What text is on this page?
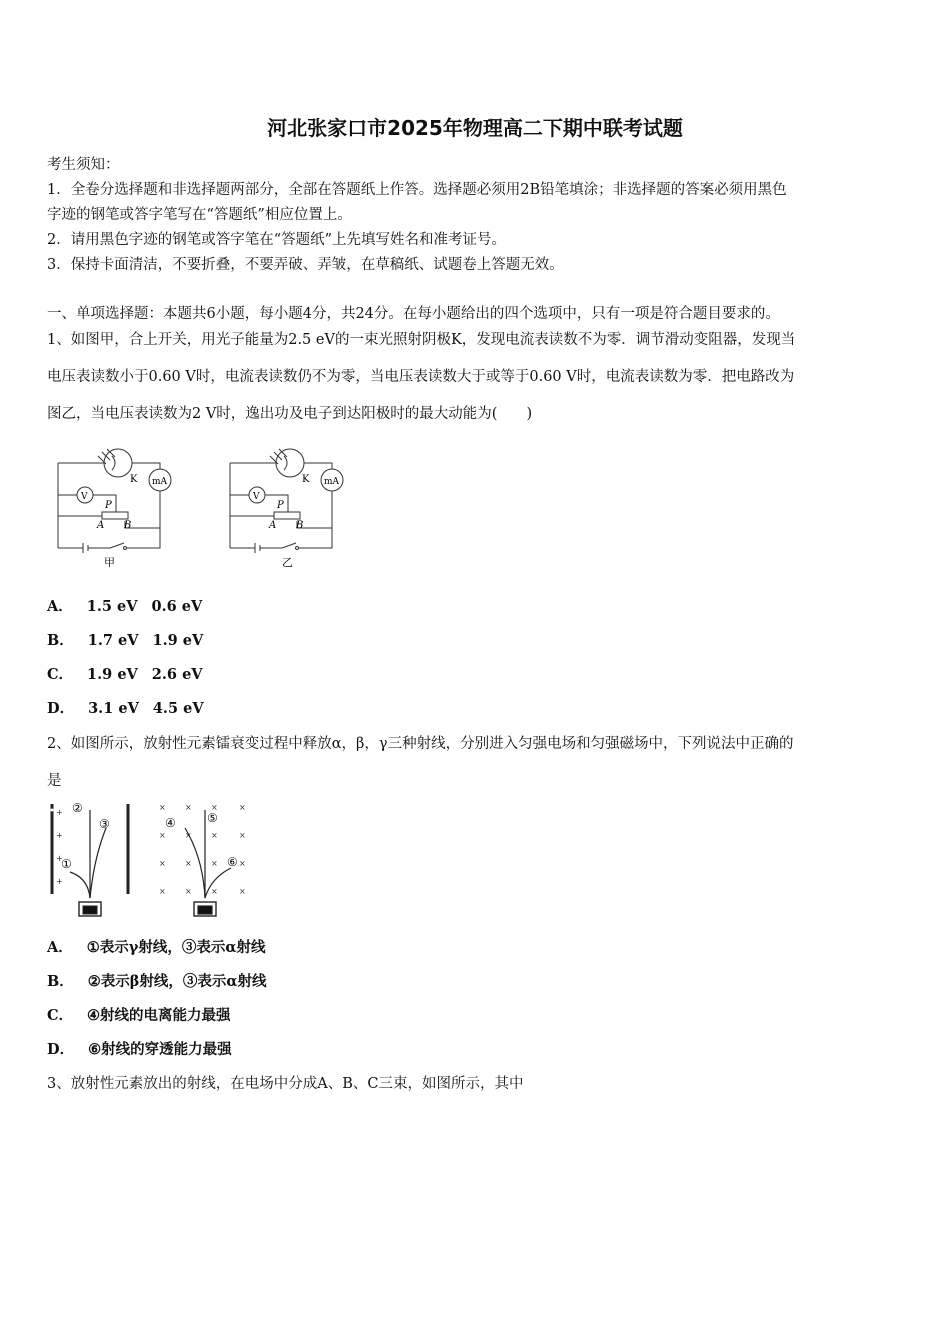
河北张家口市2025年物理高二下期中联考试题
考生须知：
1．全卷分选择题和非选择题两部分，全部在答题纸上作答。选择题必须用2B铅笔填涂；非选择题的答案必须用黑色
字迹的钢笔或答字笔写在“答题纸”相应位置上。
2．请用黑色字迹的钢笔或答字笔在“答题纸”上先填写姓名和准考证号。
3．保持卡面清洁，不要折叠，不要弄破、弄皱，在草稿纸、试题卷上答题无效。
一、单项选择题：本题共6小题，每小题4分，共24分。在每小题给出的四个选项中，只有一项是符合题目要求的。
1、如图甲，合上开关，用光子能量为2.5 eV的一束光照射阴极K，发现电流表读数不为零．调节滑动变阻器，发现当
电压表读数小于0.60 V时，电流表读数仍不为零，当电压表读数大于或等于0.60 V时，电流表读数为零．把电路改为
图乙，当电压表读数为2 V时，逸出功及电子到达阳极时的最大动能为(　　)
K mA
V
P
A B
甲
K mA
V
P
A B
乙
A． 1.5 eV 0.6 eV
B． 1.7 eV 1.9 eV
C． 1.9 eV 2.6 eV
D． 3.1 eV 4.5 eV
2、如图所示，放射性元素镭衰变过程中释放α，β，γ三种射线，分别进入匀强电场和匀强磁场中，下列说法中正确的
是
+
+
+
+
②
③
①
× × ×	×
× × ×	×
× × ×	×
× × ×	×
④	⑤
⑥
A． ①表示γ射线，③表示α射线
B． ②表示β射线，③表示α射线
C． ④射线的电离能力最强
D． ⑥射线的穿透能力最强
3、放射性元素放出的射线，在电场中分成A、B、C三束，如图所示，其中
